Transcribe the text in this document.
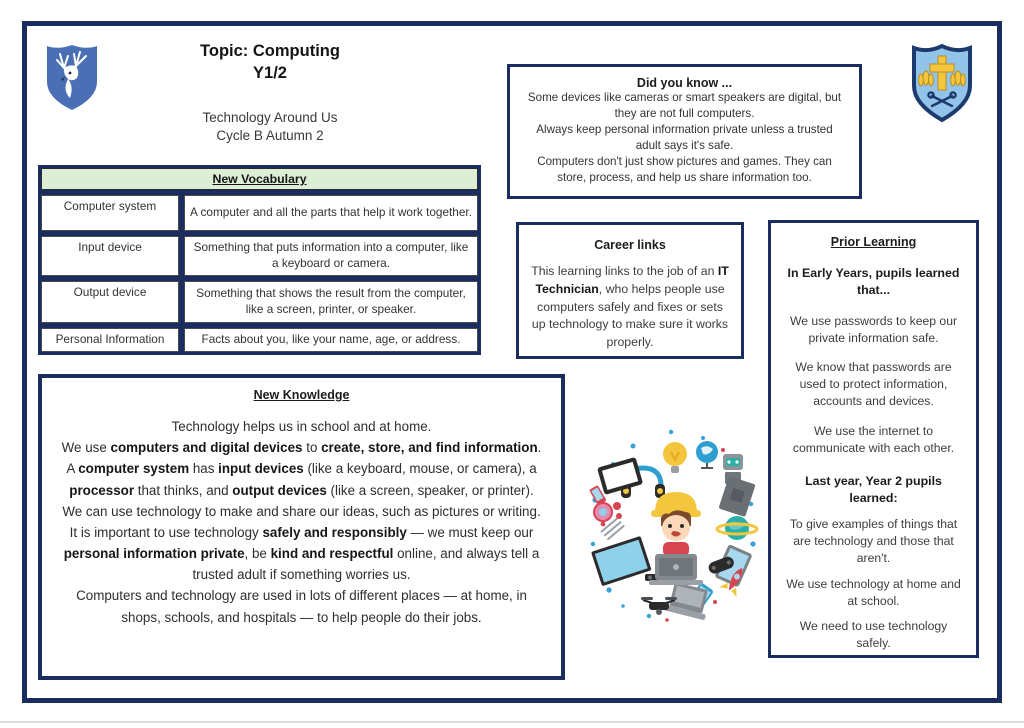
Topic: Computing
Y1/2
Technology Around Us
Cycle B Autumn 2
Did you know ...
Some devices like cameras or smart speakers are digital, but they are not full computers.
Always keep personal information private unless a trusted adult says it's safe.
Computers don't just show pictures and games. They can store, process, and help us share information too.
New Vocabulary
Computer system	A computer and all the parts that help it work together.
Input device	Something that puts information into a computer, like a keyboard or camera.
Output device	Something that shows the result from the computer, like a screen, printer, or speaker.
Personal Information	Facts about you, like your name, age, or address.
Career links
This learning links to the job of an IT Technician, who helps people use computers safely and fixes or sets up technology to make sure it works properly.
Prior Learning
In Early Years, pupils learned that...
We use passwords to keep our private information safe.
We know that passwords are used to protect information, accounts and devices.
We use the internet to communicate with each other.
Last year, Year 2 pupils learned:
To give examples of things that are technology and those that aren't.
We use technology at home and at school.
We need to use technology safely.
New Knowledge
Technology helps us in school and at home.
We use computers and digital devices to create, store, and find information.
A computer system has input devices (like a keyboard, mouse, or camera), a processor that thinks, and output devices (like a screen, speaker, or printer).
We can use technology to make and share our ideas, such as pictures or writing.
It is important to use technology safely and responsibly — we must keep our personal information private, be kind and respectful online, and always tell a trusted adult if something worries us.
Computers and technology are used in lots of different places — at home, in shops, schools, and hospitals — to help people do their jobs.
